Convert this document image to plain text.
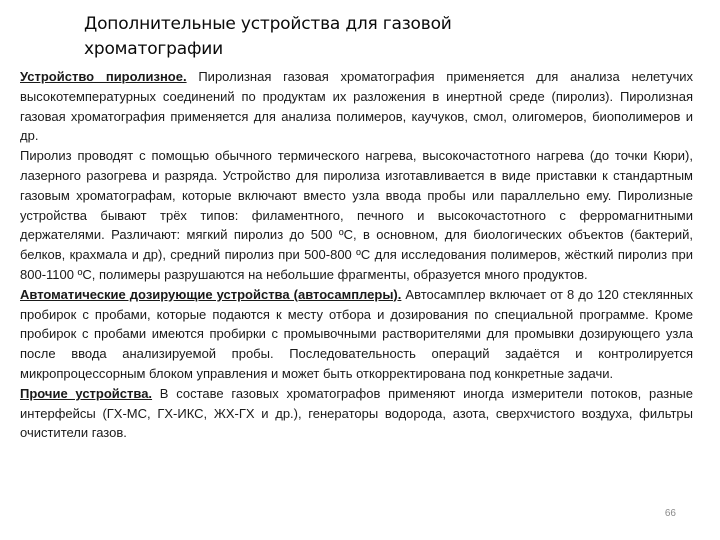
Дополнительные устройства для газовой хроматографии

Устройство пиролизное. Пиролизная газовая хроматография применяется для анализа нелетучих высокотемпературных соединений по продуктам их разложения в инертной среде (пиролиз). Пиролизная газовая хроматография применяется для анализа полимеров, каучуков, смол, олигомеров, биополимеров и др.

Пиролиз проводят с помощью обычного термического нагрева, высокочастотного нагрева (до точки Кюри), лазерного разогрева и разряда. Устройство для пиролиза изготавливается в виде приставки к стандартным газовым хроматографам, которые включают вместо узла ввода пробы или параллельно ему. Пиролизные устройства бывают трёх типов: филаментного, печного и высокочастотного с ферромагнитными держателями. Различают: мягкий пиролиз до 500 ºС, в основном, для биологических объектов (бактерий, белков, крахмала и др), средний пиролиз при 500-800 ºС для исследования полимеров, жёсткий пиролиз при 800-1100 ºС, полимеры разрушаются на небольшие фрагменты, образуется много продуктов.

Автоматические дозирующие устройства (автосамплеры). Автосамплер включает от 8 до 120 стеклянных пробирок с пробами, которые подаются к месту отбора и дозирования по специальной программе. Кроме пробирок с пробами имеются пробирки с промывочными растворителями для промывки дозирующего узла после ввода анализируемой пробы. Последовательность операций задаётся и контролируется микропроцессорным блоком управления и может быть откорректирована под конкретные задачи.

Прочие устройства. В составе газовых хроматографов применяют иногда измерители потоков, разные интерфейсы (ГХ-МС, ГХ-ИКС, ЖХ-ГХ и др.), генераторы водорода, азота, сверхчистого воздуха, фильтры очистители газов.

66
